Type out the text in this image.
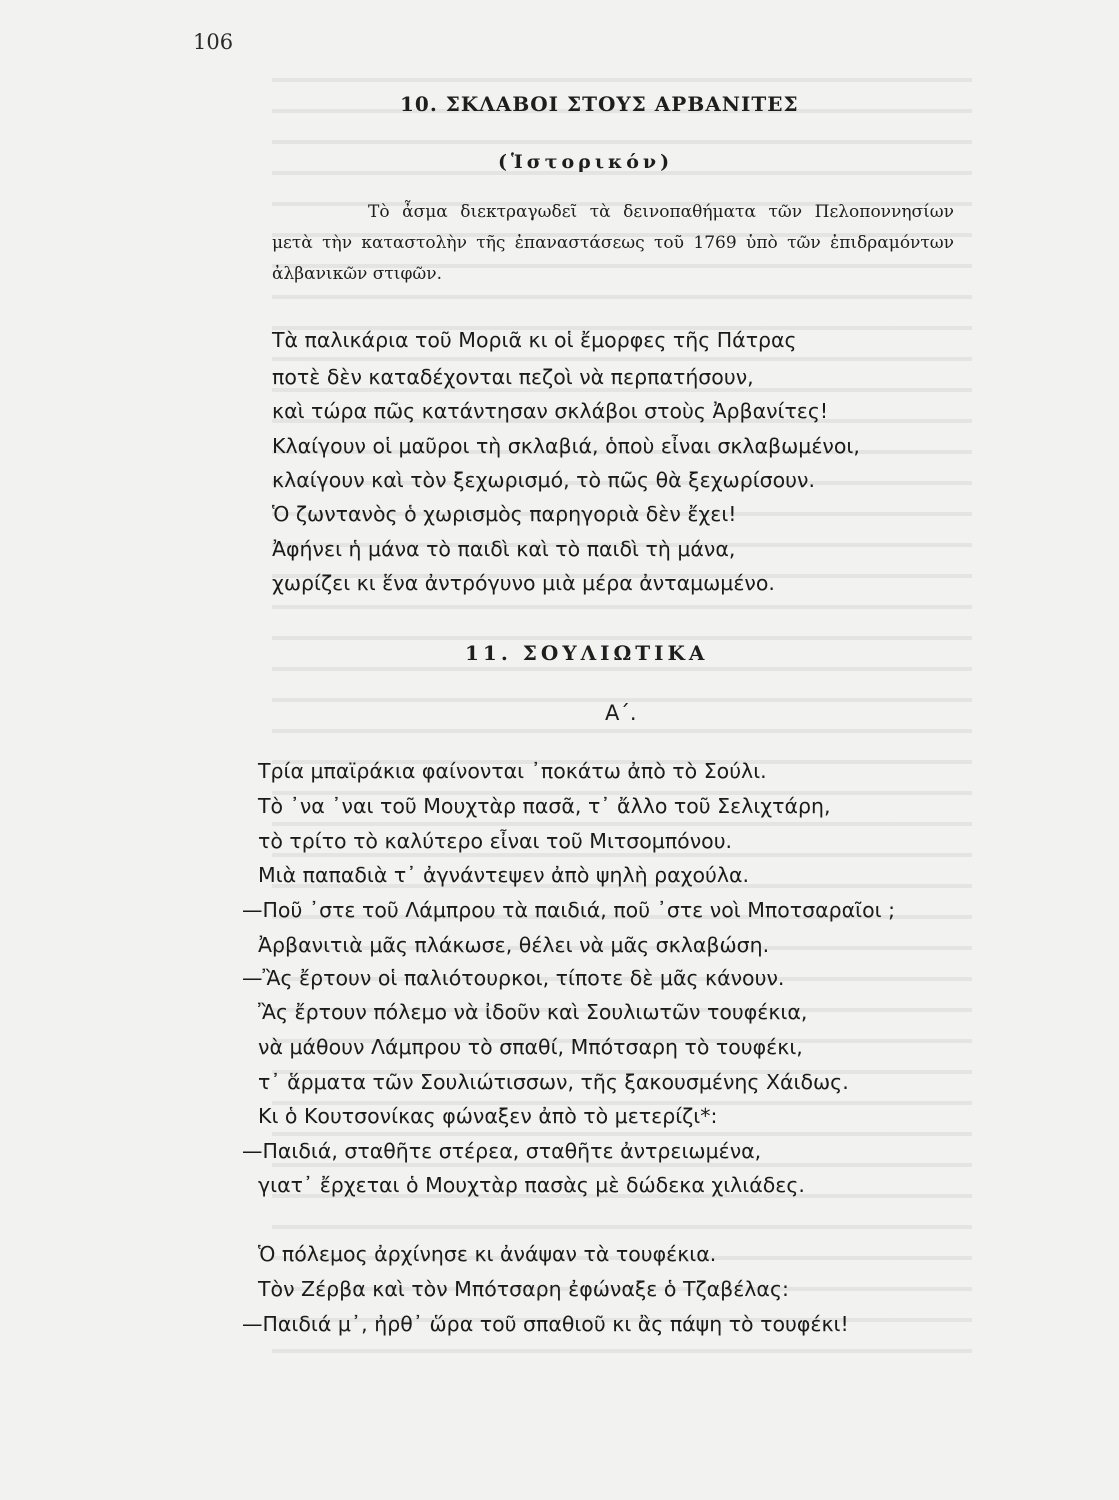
106
10. ΣΚΛΑΒΟΙ ΣΤΟΥΣ ΑΡΒΑΝΙΤΕΣ
(Ἱστορικόν)
Τὸ ἆσμα διεκτραγωδεῖ τὰ δεινοπαθήματα τῶν Πελοποννησίων μετὰ τὴν καταστολὴν τῆς ἐπαναστάσεως τοῦ 1769 ὑπὸ τῶν ἐπιδραμόντων ἀλβανικῶν στιφῶν.
Τὰ παλικάρια τοῦ Μοριᾶ κι οἱ ἔμορφες τῆς Πάτρας
ποτὲ δὲν καταδέχονται πεζοὶ νὰ περπατήσουν,
καὶ τώρα πῶς κατάντησαν σκλάβοι στοὺς Ἀρβανίτες!
Κλαίγουν οἱ μαῦροι τὴ σκλαβιά, ὁποὺ εἶναι σκλαβωμένοι,
κλαίγουν καὶ τὸν ξεχωρισμό, τὸ πῶς θὰ ξεχωρίσουν.
Ὁ ζωντανὸς ὁ χωρισμὸς παρηγοριὰ δὲν ἔχει!
Ἀφήνει ἡ μάνα τὸ παιδὶ καὶ τὸ παιδὶ τὴ μάνα,
χωρίζει κι ἕνα ἀντρόγυνο μιὰ μέρα ἀνταμωμένο.
11. ΣΟΥΛΙΩΤΙΚΑ
Α΄.
Τρία μπαϊράκια φαίνονται ᾽ποκάτω ἀπὸ τὸ Σούλι.
Τὸ ᾽να ᾽ναι τοῦ Μουχτὰρ πασᾶ, τ᾽ ἄλλο τοῦ Σελιχτάρη,
τὸ τρίτο τὸ καλύτερο εἶναι τοῦ Μιτσομπόνου.
Μιὰ παπαδιὰ τ᾽ ἀγνάντεψεν ἀπὸ ψηλὴ ραχούλα.
—Ποῦ ᾽στε τοῦ Λάμπρου τὰ παιδιά, ποῦ ᾽στε νοὶ Μποτσαραῖοι ;
Ἀρβανιτιὰ μᾶς πλάκωσε, θέλει νὰ μᾶς σκλαβώση.
—Ἂς ἔρτουν οἱ παλιότουρκοι, τίποτε δὲ μᾶς κάνουν.
Ἂς ἔρτουν πόλεμο νὰ ἰδοῦν καὶ Σουλιωτῶν τουφέκια,
νὰ μάθουν Λάμπρου τὸ σπαθί, Μπότσαρη τὸ τουφέκι,
τ᾽ ἅρματα τῶν Σουλιώτισσων, τῆς ξακουσμένης Χάιδως.
Κι ὁ Κουτσονίκας φώναξεν ἀπὸ τὸ μετερίζι*:
—Παιδιά, σταθῆτε στέρεα, σταθῆτε ἀντρειωμένα,
γιατ᾽ ἔρχεται ὁ Μουχτὰρ πασὰς μὲ δώδεκα χιλιάδες.
Ὁ πόλεμος ἀρχίνησε κι ἀνάψαν τὰ τουφέκια.
Τὸν Ζέρβα καὶ τὸν Μπότσαρη ἐφώναξε ὁ Τζαβέλας:
—Παιδιά μ᾽, ἠρθ᾽ ὥρα τοῦ σπαθιοῦ κι ἂς πάψη τὸ τουφέκι!
